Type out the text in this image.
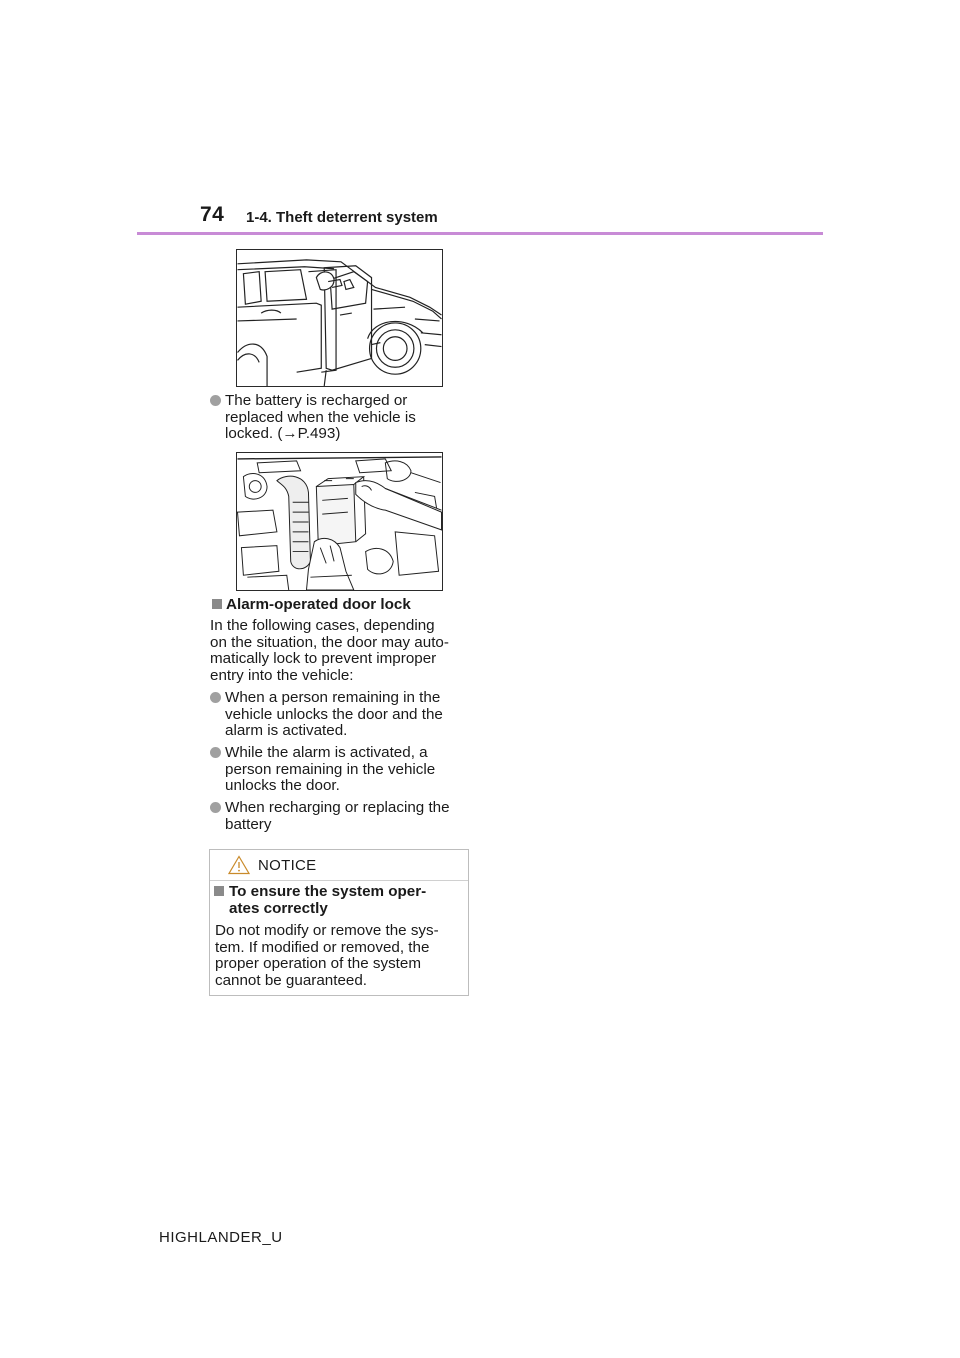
74 1-4. Theft deterrent system
The battery is recharged or
replaced when the vehicle is
locked. (→P.493)
Alarm-operated door lock
In the following cases, depending
on the situation, the door may auto-
matically lock to prevent improper
entry into the vehicle:
When a person remaining in the
vehicle unlocks the door and the
alarm is activated.
While the alarm is activated, a
person remaining in the vehicle
unlocks the door.
When recharging or replacing the
battery
NOTICE
To ensure the system oper-
ates correctly
Do not modify or remove the sys-
tem. If modified or removed, the
proper operation of the system
cannot be guaranteed.
HIGHLANDER_U
